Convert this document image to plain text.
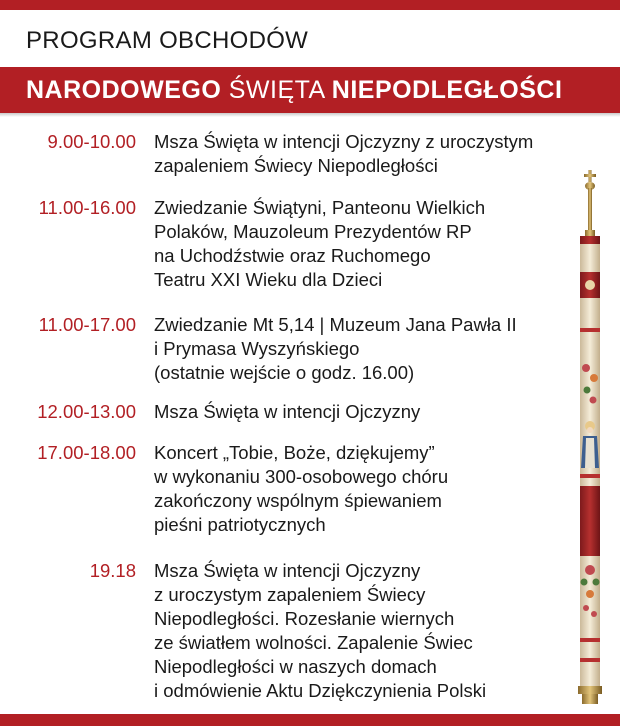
PROGRAM OBCHODÓW
NARODOWEGO ŚWIĘTA NIEPODLEGŁOŚCI
9.00-10.00 Msza Święta w intencji Ojczyzny z uroczystym
zapaleniem Świecy Niepodległości
11.00-16.00 Zwiedzanie Świątyni, Panteonu Wielkich
Polaków, Mauzoleum Prezydentów RP
na Uchodźstwie oraz Ruchomego
Teatru XXI Wieku dla Dzieci
11.00-17.00 Zwiedzanie Mt 5,14 | Muzeum Jana Pawła II
i Prymasa Wyszyńskiego
(ostatnie wejście o godz. 16.00)
12.00-13.00 Msza Święta w intencji Ojczyzny
17.00-18.00 Koncert „Tobie, Boże, dziękujemy”
w wykonaniu 300-osobowego chóru
zakończony wspólnym śpiewaniem
pieśni patriotycznych
19.18 Msza Święta w intencji Ojczyzny
z uroczystym zapaleniem Świecy
Niepodległości. Rozesłanie wiernych
ze światłem wolności. Zapalenie Świec
Niepodległości w naszych domach
i odmówienie Aktu Dziękczynienia Polski
